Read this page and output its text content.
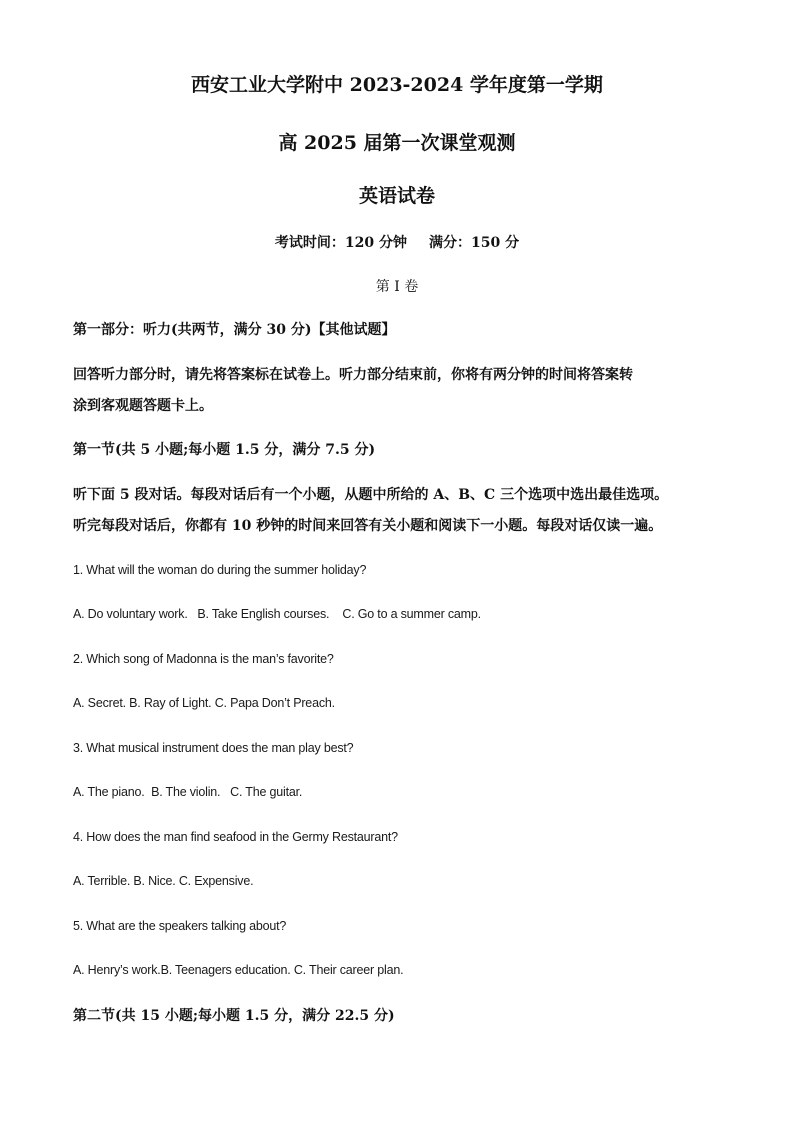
西安工业大学附中 2023-2024 学年度第一学期
高 2025 届第一次课堂观测
英语试卷
考试时间：120 分钟 满分：150 分
第 I 卷
第一部分：听力(共两节，满分 30 分)【其他试题】
回答听力部分时，请先将答案标在试卷上。听力部分结束前，你将有两分钟的时间将答案转
涂到客观题答题卡上。
第一节(共 5 小题;每小题 1.5 分，满分 7.5 分)
听下面 5 段对话。每段对话后有一个小题，从题中所给的 A、B、C 三个选项中选出最佳选项。
听完每段对话后，你都有 10 秒钟的时间来回答有关小题和阅读下一小题。每段对话仅读一遍。
1. What will the woman do during the summer holiday?
A. Do voluntary work. B. Take English courses. C. Go to a summer camp.
2. Which song of Madonna is the man’s favorite?
A. Secret. B. Ray of Light. C. Papa Don’t Preach.
3. What musical instrument does the man play best?
A. The piano. B. The violin. C. The guitar.
4. How does the man find seafood in the Germy Restaurant?
A. Terrible. B. Nice. C. Expensive.
5. What are the speakers talking about?
A. Henry’s work.B. Teenagers education. C. Their career plan.
第二节(共 15 小题;每小题 1.5 分，满分 22.5 分)
